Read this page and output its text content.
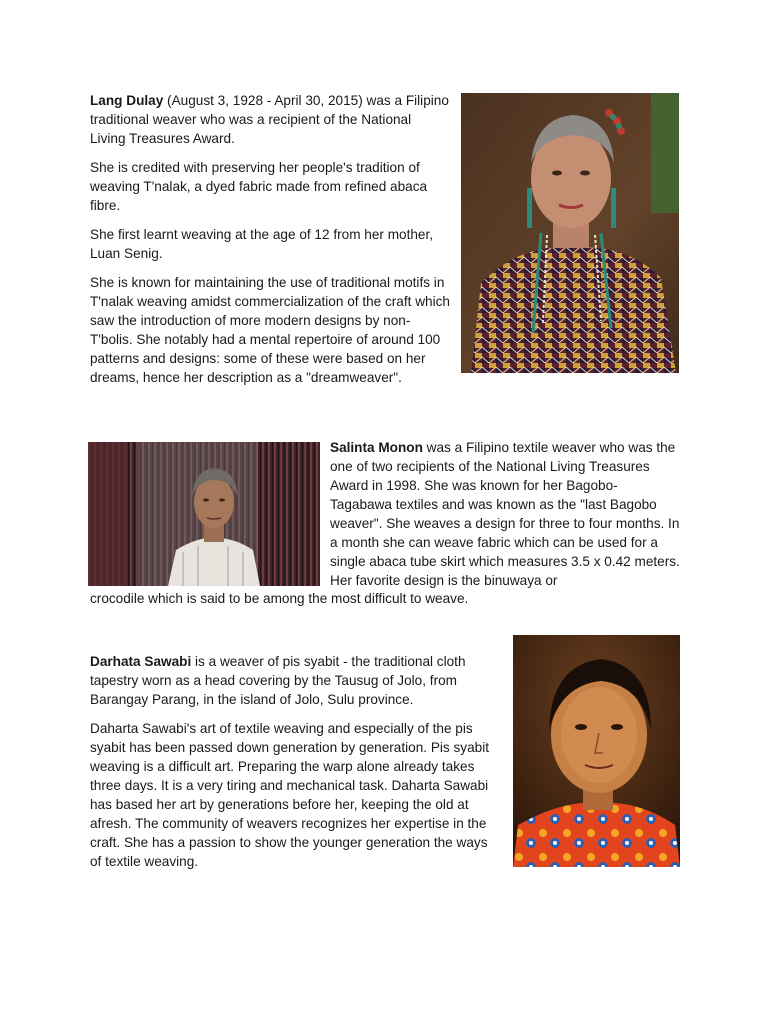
Lang Dulay (August 3, 1928 - April 30, 2015) was a Filipino traditional weaver who was a recipient of the National Living Treasures Award.

She is credited with preserving her people's tradition of weaving T'nalak, a dyed fabric made from refined abaca fibre.

She first learnt weaving at the age of 12 from her mother, Luan Senig.

She is known for maintaining the use of traditional motifs in T'nalak weaving amidst commercialization of the craft which saw the introduction of more modern designs by non-T'bolis. She notably had a mental repertoire of around 100 patterns and designs: some of these were based on her dreams, hence her description as a "dreamweaver".

Salinta Monon was a Filipino textile weaver who was the one of two recipients of the National Living Treasures Award in 1998. She was known for her Bagobo- Tagabawa textiles and was known as the "last Bagobo weaver". She weaves a design for three to four months. In a month she can weave fabric which can be used for a single abaca tube skirt which measures 3.5 x 0.42 meters. Her favorite design is the binuwaya or

crocodile which is said to be among the most difficult to weave.

Darhata Sawabi is a weaver of pis syabit - the traditional cloth tapestry worn as a head covering by the Tausug of Jolo, from Barangay Parang, in the island of Jolo, Sulu province.

Daharta Sawabi's art of textile weaving and especially of the pis syabit has been passed down generation by generation. Pis syabit weaving is a difficult art. Preparing the warp alone already takes three days. It is a very tiring and mechanical task. Daharta Sawabi has based her art by generations before her, keeping the old at afresh. The community of weavers recognizes her expertise in the craft. She has a passion to show the younger generation the ways of textile weaving.
